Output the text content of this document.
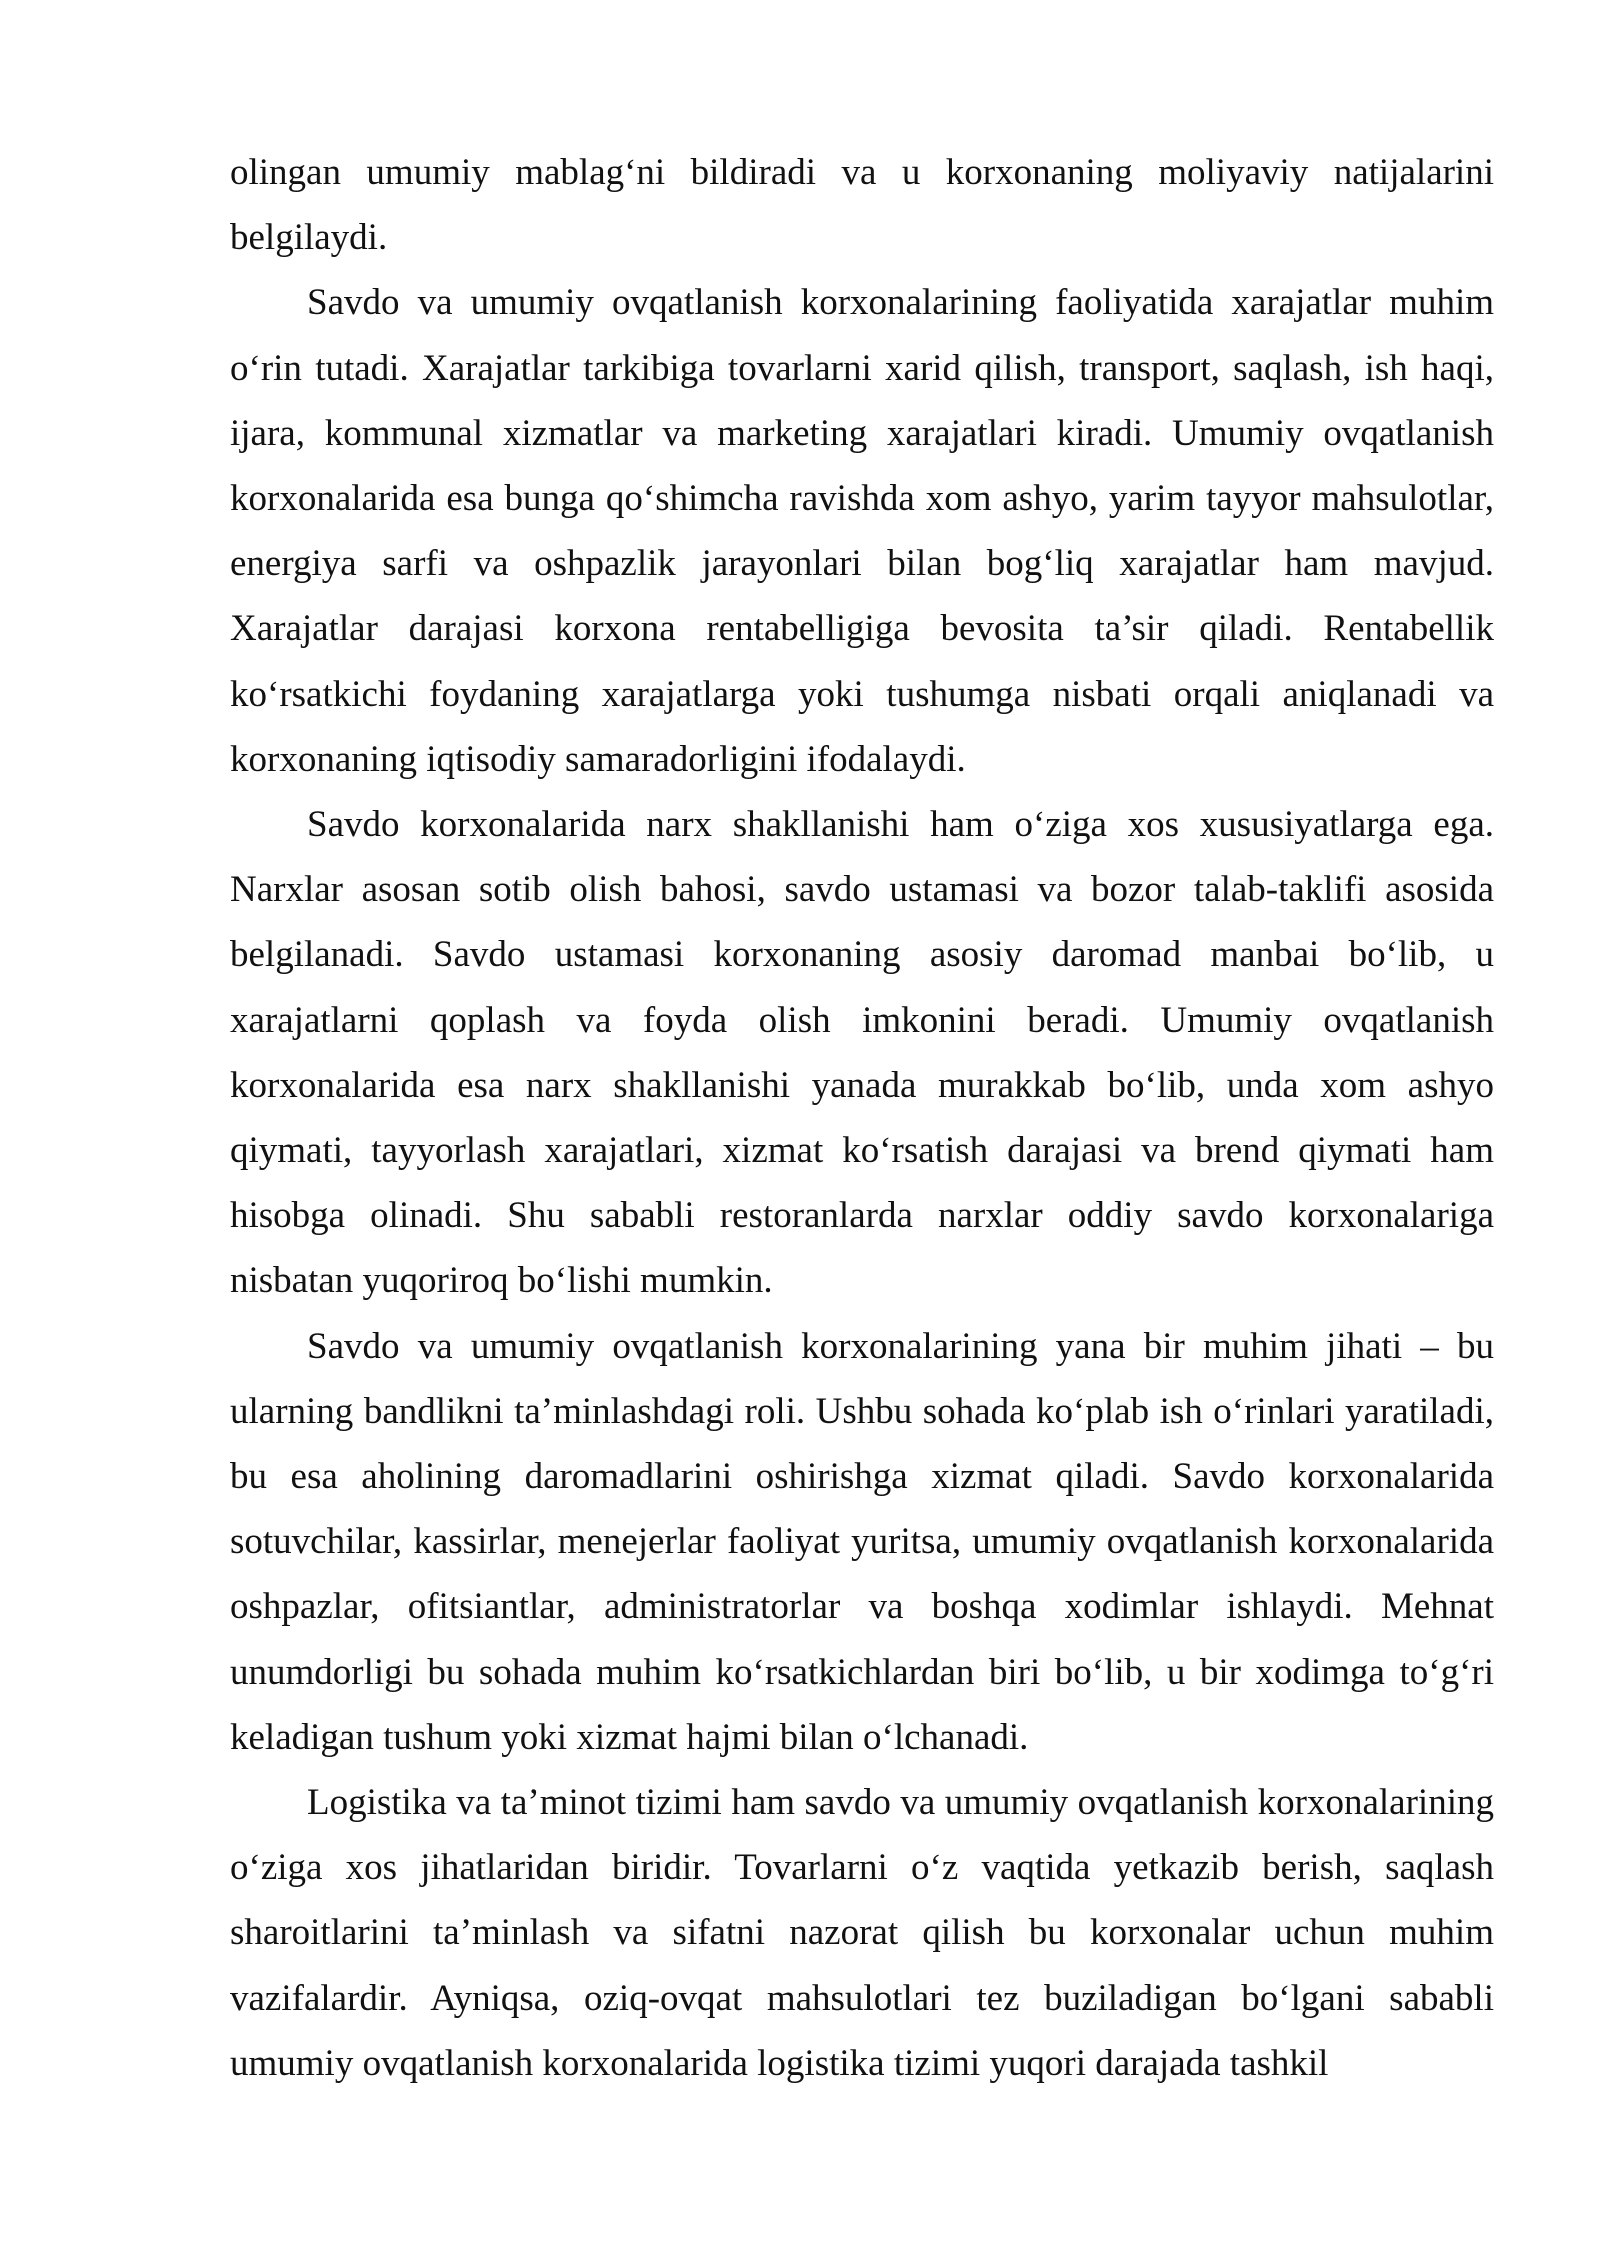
olingan umumiy mablag‘ni bildiradi va u korxonaning moliyaviy natijalarini belgilaydi.

Savdo va umumiy ovqatlanish korxonalarining faoliyatida xarajatlar muhim o‘rin tutadi. Xarajatlar tarkibiga tovarlarni xarid qilish, transport, saqlash, ish haqi, ijara, kommunal xizmatlar va marketing xarajatlari kiradi. Umumiy ovqatlanish korxonalarida esa bunga qo‘shimcha ravishda xom ashyo, yarim tayyor mahsulotlar, energiya sarfi va oshpazlik jarayonlari bilan bog‘liq xarajatlar ham mavjud. Xarajatlar darajasi korxona rentabelligiga bevosita ta’sir qiladi. Rentabellik ko‘rsatkichi foydaning xarajatlarga yoki tushumga nisbati orqali aniqlanadi va korxonaning iqtisodiy samaradorligini ifodalaydi.

Savdo korxonalarida narx shakllanishi ham o‘ziga xos xususiyatlarga ega. Narxlar asosan sotib olish bahosi, savdo ustamasi va bozor talab-taklifi asosida belgilanadi. Savdo ustamasi korxonaning asosiy daromad manbai bo‘lib, u xarajatlarni qoplash va foyda olish imkonini beradi. Umumiy ovqatlanish korxonalarida esa narx shakllanishi yanada murakkab bo‘lib, unda xom ashyo qiymati, tayyorlash xarajatlari, xizmat ko‘rsatish darajasi va brend qiymati ham hisobga olinadi. Shu sababli restoranlarda narxlar oddiy savdo korxonalariga nisbatan yuqoriroq bo‘lishi mumkin.

Savdo va umumiy ovqatlanish korxonalarining yana bir muhim jihati – bu ularning bandlikni ta’minlashdagi roli. Ushbu sohada ko‘plab ish o‘rinlari yaratiladi, bu esa aholining daromadlarini oshirishga xizmat qiladi. Savdo korxonalarida sotuvchilar, kassirlar, menejerlar faoliyat yuritsa, umumiy ovqatlanish korxonalarida oshpazlar, ofitsiantlar, administratorlar va boshqa xodimlar ishlaydi. Mehnat unumdorligi bu sohada muhim ko‘rsatkichlardan biri bo‘lib, u bir xodimga to‘g‘ri keladigan tushum yoki xizmat hajmi bilan o‘lchanadi.

Logistika va ta’minot tizimi ham savdo va umumiy ovqatlanish korxonalarining o‘ziga xos jihatlaridan biridir. Tovarlarni o‘z vaqtida yetkazib berish, saqlash sharoitlarini ta’minlash va sifatni nazorat qilish bu korxonalar uchun muhim vazifalardir. Ayniqsa, oziq-ovqat mahsulotlari tez buziladigan bo‘lgani sababli umumiy ovqatlanish korxonalarida logistika tizimi yuqori darajada tashkil
